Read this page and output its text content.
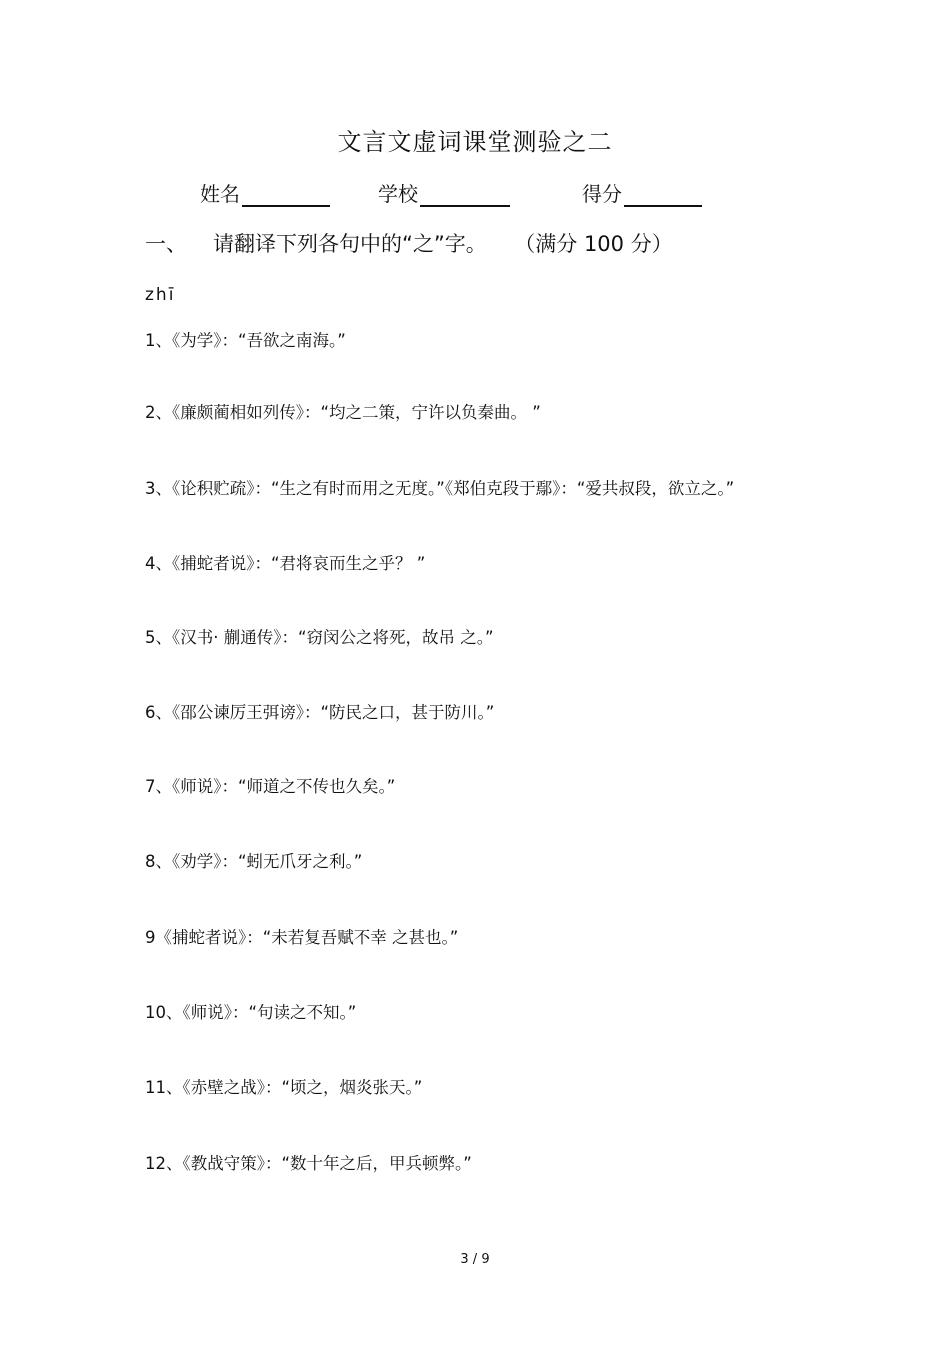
文言文虚词课堂测验之二
姓名	学校	得分
一、 请翻译下列各句中的“之”字。 （满分 100 分）
zhī
1、《为学》：“吾欲之南海。”
2、《廉颇蔺相如列传》：“均之二策，宁许以负秦曲。 ”
3、《论积贮疏》：“生之有时而用之无度。”《郑伯克段于鄢》：“爱共叔段，欲立之。”
4、《捕蛇者说》：“君将哀而生之乎？ ”
5、《汉书· 蒯通传》：“窃闵公之将死，故吊 之。”
6、《邵公谏厉王弭谤》：“防民之口，甚于防川。”
7、《师说》：“师道之不传也久矣。”
8、《劝学》：“蚓无爪牙之利。”
9《捕蛇者说》：“未若复吾赋不幸 之甚也。”
10、《师说》：“句读之不知。”
11、《赤壁之战》：“顷之，烟炎张天。”
12、《教战守策》：“数十年之后，甲兵顿弊。”
3 / 9
